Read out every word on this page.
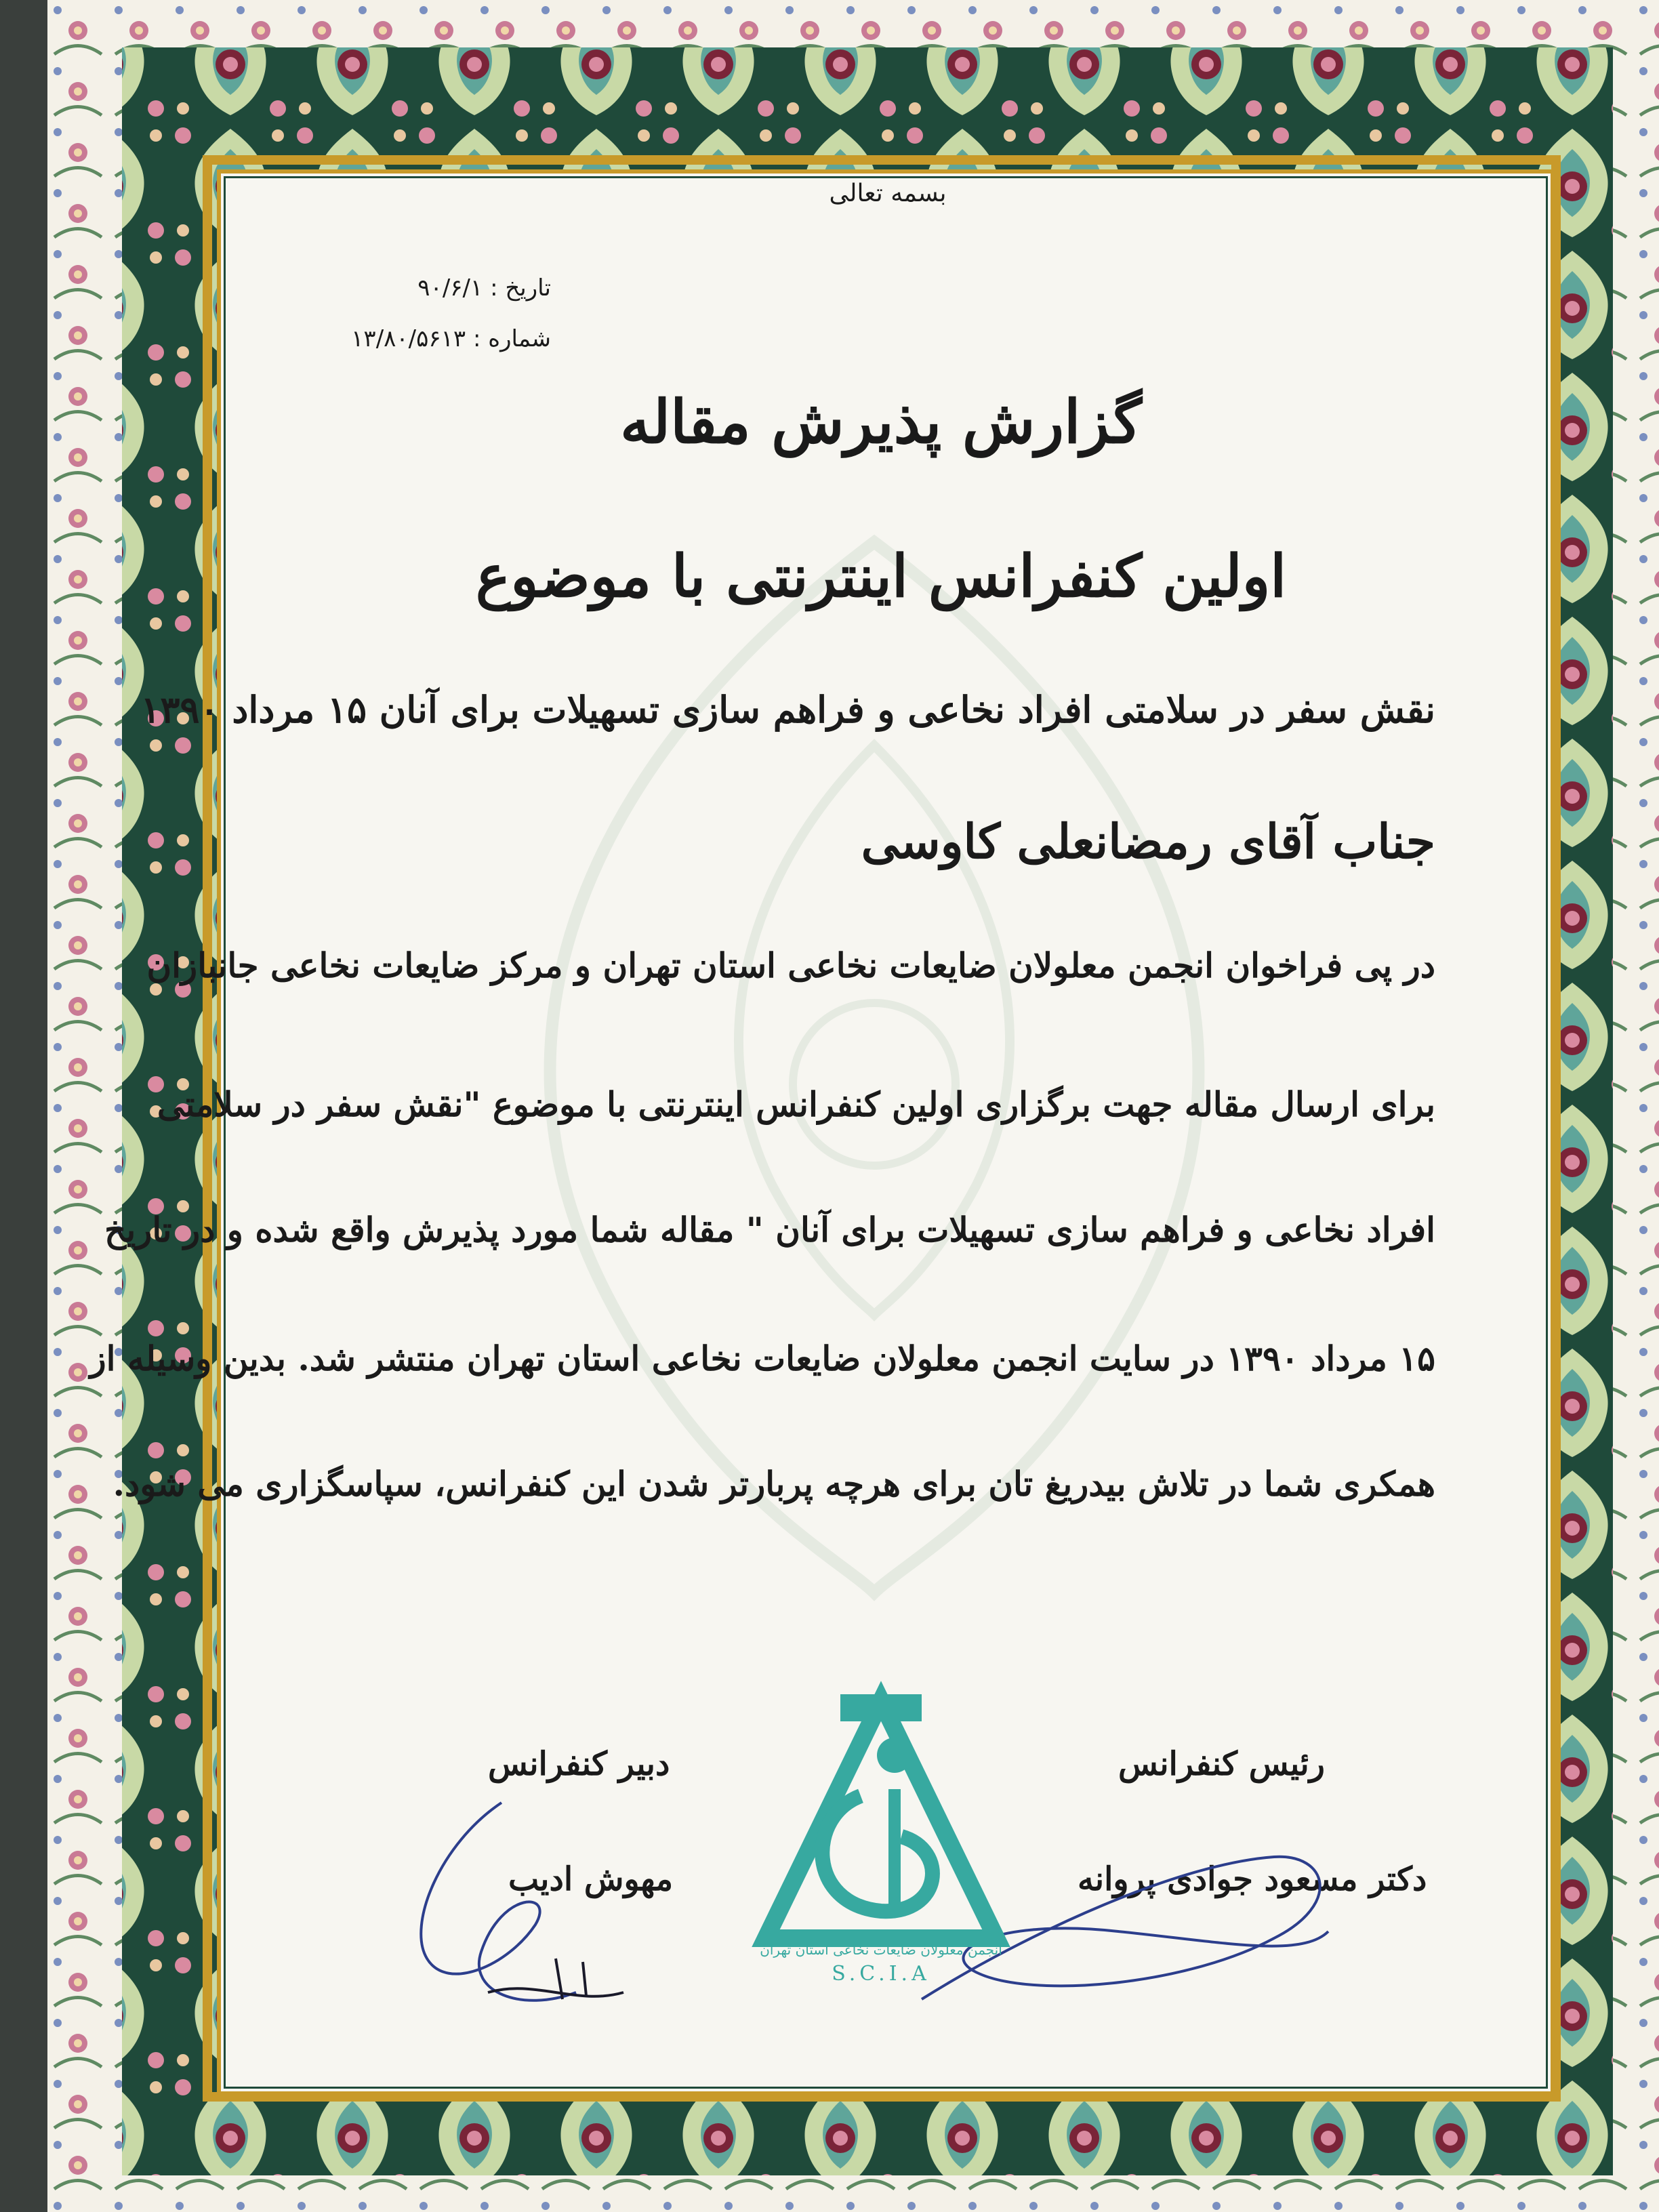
بسمه تعالی
تاریخ : ۹۰/۶/۱
شماره : ۱۳/۸۰/۵۶۱۳
گزارش پذیرش مقاله
اولین کنفرانس اینترنتی با موضوع
نقش سفر در سلامتی افراد نخاعی و فراهم سازی تسهیلات برای آنان ۱۵ مرداد ۱۳۹۰
جناب آقای رمضانعلی کاوسی
در پی فراخوان انجمن معلولان ضایعات نخاعی استان تهران و مرکز ضایعات نخاعی جانبازان
برای ارسال مقاله جهت برگزاری اولین کنفرانس اینترنتی با موضوع "نقش سفر در سلامتی
افراد نخاعی و فراهم سازی تسهیلات برای آنان " مقاله شما مورد پذیرش واقع شده و در تاریخ
۱۵ مرداد ۱۳۹۰ در سایت انجمن معلولان ضایعات نخاعی استان تهران منتشر شد. بدین وسیله از
همکری شما در تلاش بیدریغ تان برای هرچه پربارتر شدن این کنفرانس، سپاسگزاری می شود.
دبیر کنفرانس
مهوش ادیب
رئیس کنفرانس
دکتر مسعود جوادی پروانه
انجمن معلولان ضایعات نخاعی استان تهران
S.C.I.A
